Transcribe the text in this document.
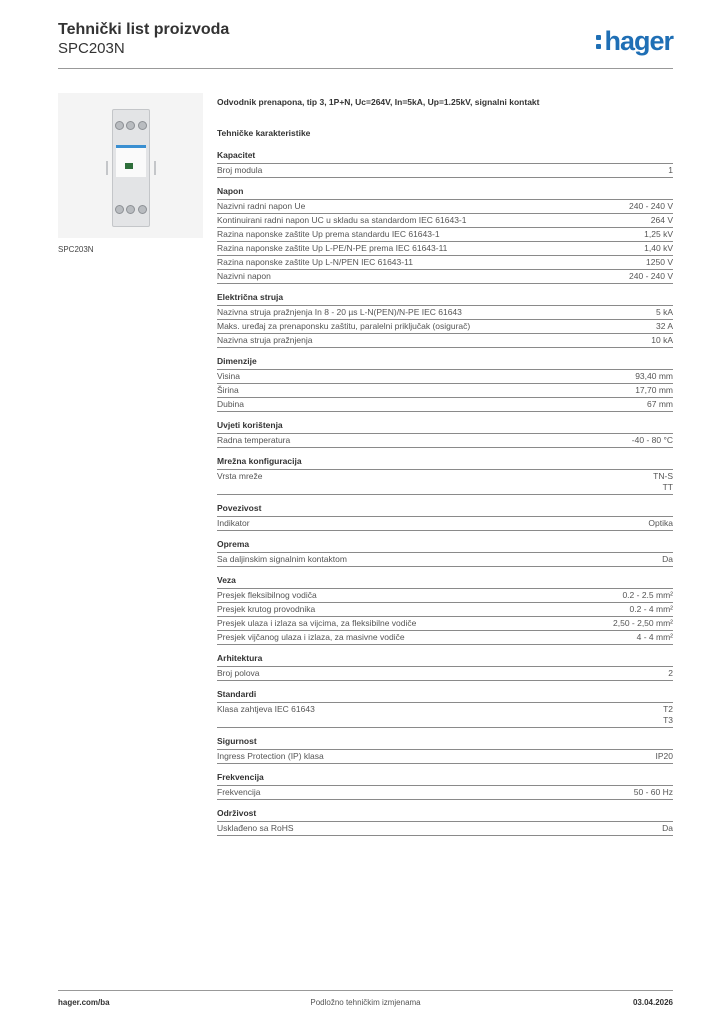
Tehnički list proizvoda
SPC203N	hager
SPC203N
Odvodnik prenapona, tip 3, 1P+N, Uc=264V, In=5kA, Up=1.25kV, signalni kontakt
Tehničke karakteristike
Kapacitet
Broj modula	1
Napon
Nazivni radni napon Ue	240 - 240 V
Kontinuirani radni napon UC u skladu sa standardom IEC 61643-1	264 V
Razina naponske zaštite Up prema standardu IEC 61643-1	1,25 kV
Razina naponske zaštite Up L-PE/N-PE prema IEC 61643-11	1,40 kV
Razina naponske zaštite Up L-N/PEN IEC 61643-11	1250 V
Nazivni napon	240 - 240 V
Električna struja
Nazivna struja pražnjenja In 8 - 20 µs L-N(PEN)/N-PE IEC 61643	5 kA
Maks. uređaj za prenaponsku zaštitu, paralelni priključak (osigurač)	32 A
Nazivna struja pražnjenja	10 kA
Dimenzije
Visina	93,40 mm
Širina	17,70 mm
Dubina	67 mm
Uvjeti korištenja
Radna temperatura	-40 - 80 °C
Mrežna konfiguracija
Vrsta mreže	TN-S
TT
Povezivost
Indikator	Optika
Oprema
Sa daljinskim signalnim kontaktom	Da
Veza
Presjek fleksibilnog vodiča	0.2 - 2.5 mm²
Presjek krutog provodnika	0.2 - 4 mm²
Presjek ulaza i izlaza sa vijcima, za fleksibilne vodiče	2,50 - 2,50 mm²
Presjek vijčanog ulaza i izlaza, za masivne vodiče	4 - 4 mm²
Arhitektura
Broj polova	2
Standardi
Klasa zahtjeva IEC 61643	T2
T3
Sigurnost
Ingress Protection (IP) klasa	IP20
Frekvencija
Frekvencija	50 - 60 Hz
Održivost
Usklađeno sa RoHS	Da
hager.com/ba	Podložno tehničkim izmjenama	03.04.2026
